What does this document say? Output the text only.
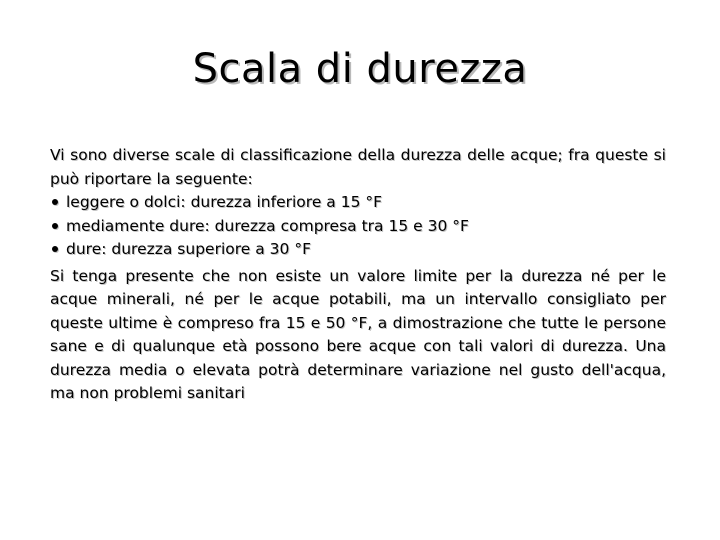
Scala di durezza

Vi sono diverse scale di classificazione della durezza delle acque; fra queste si può riportare la seguente:

leggere o dolci: durezza inferiore a 15 °F
mediamente dure: durezza compresa tra 15 e 30 °F
dure: durezza superiore a 30 °F

Si tenga presente che non esiste un valore limite per la durezza né per le acque minerali, né per le acque potabili, ma un intervallo consigliato per queste ultime è compreso fra 15 e 50 °F, a dimostrazione che tutte le persone sane e di qualunque età possono bere acque con tali valori di durezza. Una durezza media o elevata potrà determinare variazione nel gusto dell'acqua, ma non problemi sanitari
